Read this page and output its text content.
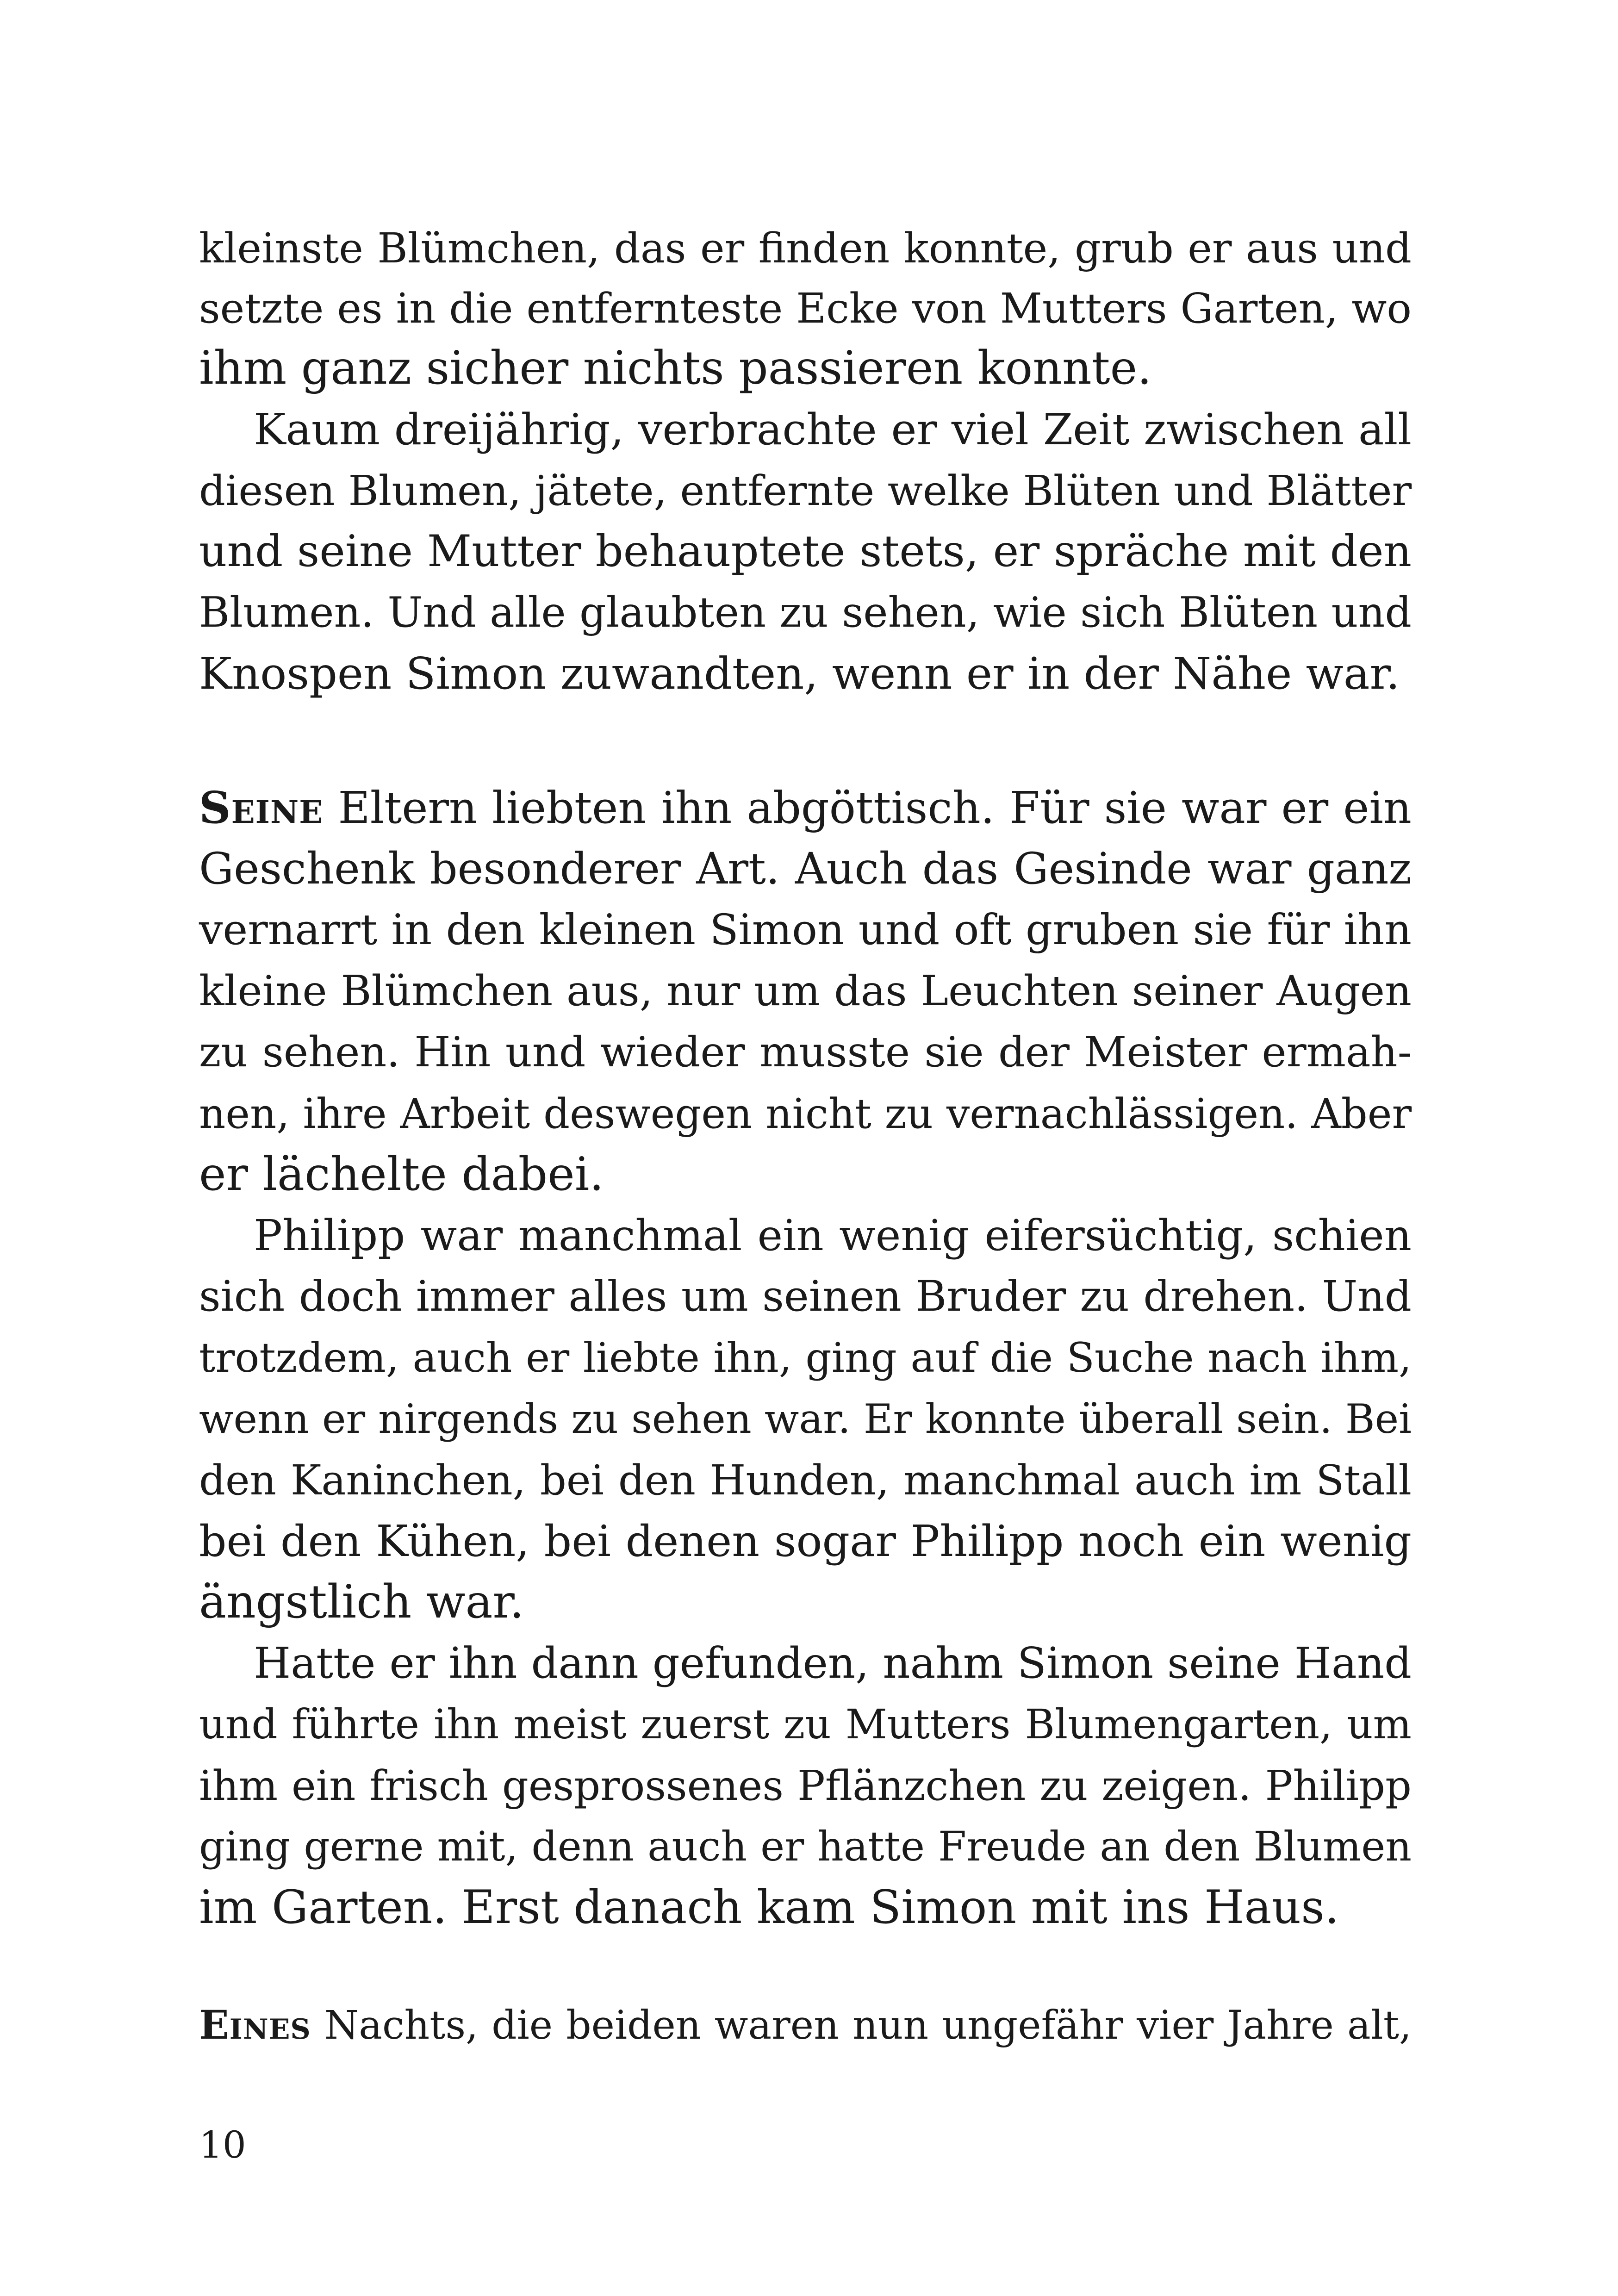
kleinste Blümchen, das er finden konnte, grub er aus und
setzte es in die entfernteste Ecke von Mutters Garten, wo
ihm ganz sicher nichts passieren konnte.
Kaum dreijährig, verbrachte er viel Zeit zwischen all
diesen Blumen, jätete, entfernte welke Blüten und Blätter
und seine Mutter behauptete stets, er spräche mit den
Blumen. Und alle glaubten zu sehen, wie sich Blüten und
Knospen Simon zuwandten, wenn er in der Nähe war.
Seine Eltern liebten ihn abgöttisch. Für sie war er ein
Geschenk besonderer Art. Auch das Gesinde war ganz
vernarrt in den kleinen Simon und oft gruben sie für ihn
kleine Blümchen aus, nur um das Leuchten seiner Augen
zu sehen. Hin und wieder musste sie der Meister ermah-
nen, ihre Arbeit deswegen nicht zu vernachlässigen. Aber
er lächelte dabei.
Philipp war manchmal ein wenig eifersüchtig, schien
sich doch immer alles um seinen Bruder zu drehen. Und
trotzdem, auch er liebte ihn, ging auf die Suche nach ihm,
wenn er nirgends zu sehen war. Er konnte überall sein. Bei
den Kaninchen, bei den Hunden, manchmal auch im Stall
bei den Kühen, bei denen sogar Philipp noch ein wenig
ängstlich war.
Hatte er ihn dann gefunden, nahm Simon seine Hand
und führte ihn meist zuerst zu Mutters Blumengarten, um
ihm ein frisch gesprossenes Pflänzchen zu zeigen. Philipp
ging gerne mit, denn auch er hatte Freude an den Blumen
im Garten. Erst danach kam Simon mit ins Haus.
Eines Nachts, die beiden waren nun ungefähr vier Jahre alt,
10
